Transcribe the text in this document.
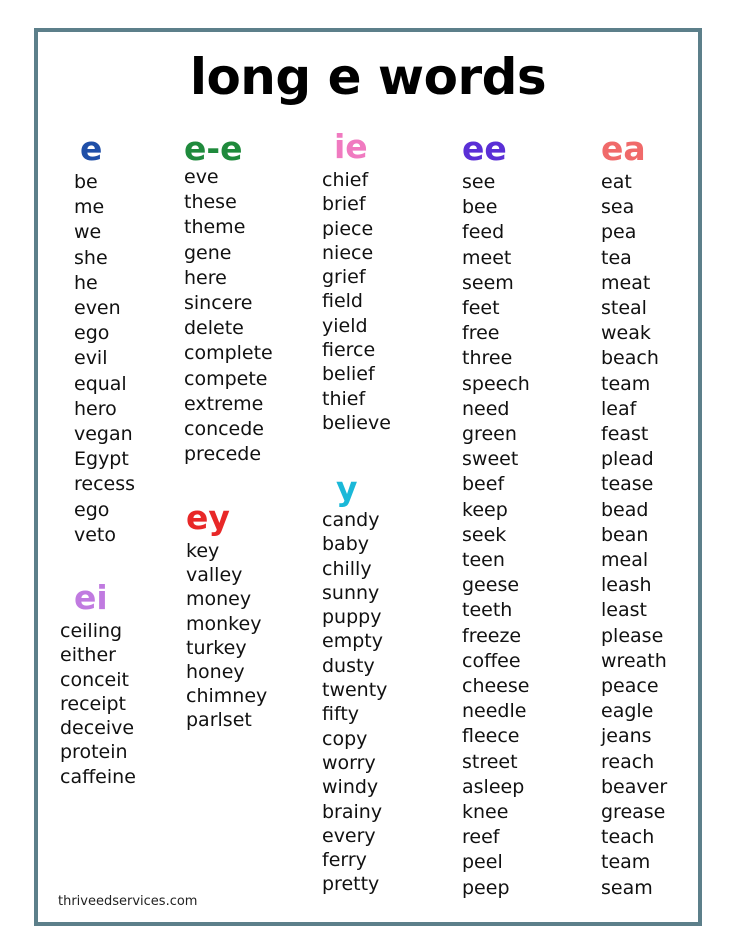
long e words
e
be
me
we
she
he
even
ego
evil
equal
hero
vegan
Egypt
recess
ego
veto
ei
ceiling
either
conceit
receipt
deceive
protein
caffeine
e-e
eve
these
theme
gene
here
sincere
delete
complete
compete
extreme
concede
precede
ey
key
valley
money
monkey
turkey
honey
chimney
parlset
ie
chief
brief
piece
niece
grief
field
yield
fierce
belief
thief
believe
y
candy
baby
chilly
sunny
puppy
empty
dusty
twenty
fifty
copy
worry
windy
brainy
every
ferry
pretty
ee
see
bee
feed
meet
seem
feet
free
three
speech
need
green
sweet
beef
keep
seek
teen
geese
teeth
freeze
coffee
cheese
needle
fleece
street
asleep
knee
reef
peel
peep
ea
eat
sea
pea
tea
meat
steal
weak
beach
team
leaf
feast
plead
tease
bead
bean
meal
leash
least
please
wreath
peace
eagle
jeans
reach
beaver
grease
teach
team
seam
thriveedservices.com
